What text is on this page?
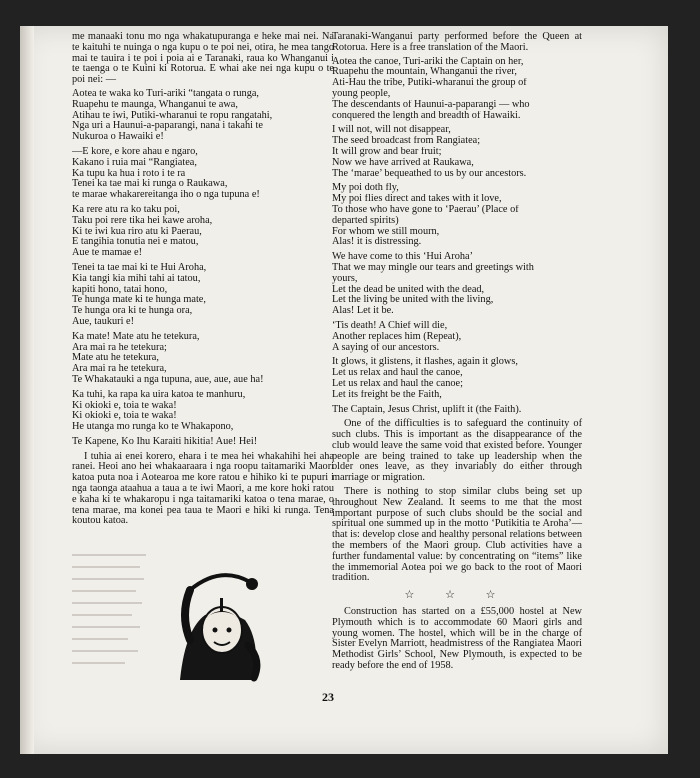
me manaaki tonu mo nga whakatupuranga e heke mai nei. Na te kaituhi te nuinga o nga kupu o te poi nei, otira, he mea tango mai te tauira i te poi i poia ai e Taranaki, raua ko Whanganui i te taenga o te Kuini ki Rotorua. E whai ake nei nga kupu o te poi nei: —

Aotea te waka ko Turi-ariki “tangata o runga,
Ruapehu te maunga, Whanganui te awa,
Atihau te iwi, Putiki-wharanui te ropu rangatahi,
Nga uri a Haunui-a-paparangi, nana i takahi te
Nukuroa o Hawaiki e!
—E kore, e kore ahau e ngaro,
Kakano i ruia mai “Rangiatea,
Ka tupu ka hua i roto i te ra
Tenei ka tae mai ki runga o Raukawa,
te marae whakarereitanga iho o nga tupuna e!
Ka rere atu ra ko taku poi,
Taku poi rere tika hei kawe aroha,
Ki te iwi kua riro atu ki Paerau,
E tangihia tonutia nei e matou,
Aue te mamae e!
Tenei ta tae mai ki te Hui Aroha,
Kia tangi kia mihi tahi ai tatou,
kapiti hono, tatai hono,
Te hunga mate ki te hunga mate,
Te hunga ora ki te hunga ora,
Aue, taukuri e!
Ka mate! Mate atu he tetekura,
Ara mai ra he tetekura;
Mate atu he tetekura,
Ara mai ra he tetekura,
Te Whakatauki a nga tupuna, aue, aue, aue ha!
Ka tuhi, ka rapa ka uira katoa te manhuru,
Ki okioki e, toia te waka!
Ki okioki e, toia te waka!
He utanga mo runga ko te Whakapono,
Te Kapene, Ko Ihu Karaiti hikitia! Aue! Hei!

I tuhia ai enei korero, ehara i te mea hei whakahihi hei aha ranei. Heoi ano hei whakaaraara i nga roopu taitamariki Maori katoa puta noa i Aotearoa me kore ratou e hihiko ki te pupuri i nga taonga ataahua a taua a te iwi Maori, a me kore hoki ratou e kaha ki te whakaropu i nga taitamariki katoa o tena marae, o tena marae, ma konei pea taua te Maori e hiki ki runga. Tena koutou katoa.

Taranaki-Wanganui party performed before the Queen at Rotorua. Here is a free translation of the Maori.

Aotea the canoe, Turi-ariki the Captain on her,
Ruapehu the mountain, Whanganui the river,
Ati-Hau the tribe, Putiki-wharanui the group of
young people,
The descendants of Haunui-a-paparangi — who
conquered the length and breadth of Hawaiki.
I will not, will not disappear,
The seed broadcast from Rangiatea;
It will grow and bear fruit;
Now we have arrived at Raukawa,
The ‘marae’ bequeathed to us by our ancestors.
My poi doth fly,
My poi flies direct and takes with it love,
To those who have gone to ‘Paerau’ (Place of
departed spirits)
For whom we still mourn,
Alas! it is distressing.
We have come to this ‘Hui Aroha’
That we may mingle our tears and greetings with
yours,
Let the dead be united with the dead,
Let the living be united with the living,
Alas! Let it be.
‘Tis death! A Chief will die,
Another replaces him (Repeat),
A saying of our ancestors.
It glows, it glistens, it flashes, again it glows,
Let us relax and haul the canoe,
Let us relax and haul the canoe;
Let its freight be the Faith,
The Captain, Jesus Christ, uplift it (the Faith).

One of the difficulties is to safeguard the continuity of such clubs. This is important as the disappearance of the club would leave the same void that existed before. Younger people are being trained to take up leadership when the older ones leave, as they invariably do either through marriage or migration.

There is nothing to stop similar clubs being set up throughout New Zealand. It seems to me that the most important purpose of such clubs should be the social and spiritual one summed up in the motto ‘Putikitia te Aroha’—that is: develop close and healthy personal relations between the members of the Maori group. Club activities have a further fundamental value: by concentrating on “items” like the immemorial Aotea poi we go back to the root of Maori tradition.

☆ ☆ ☆

Construction has started on a £55,000 hostel at New Plymouth which is to accommodate 60 Maori girls and young women. The hostel, which will be in the charge of Sister Evelyn Marriott, headmistress of the Rangiatea Maori Methodist Girls’ School, New Plymouth, is expected to be ready before the end of 1958.

23
